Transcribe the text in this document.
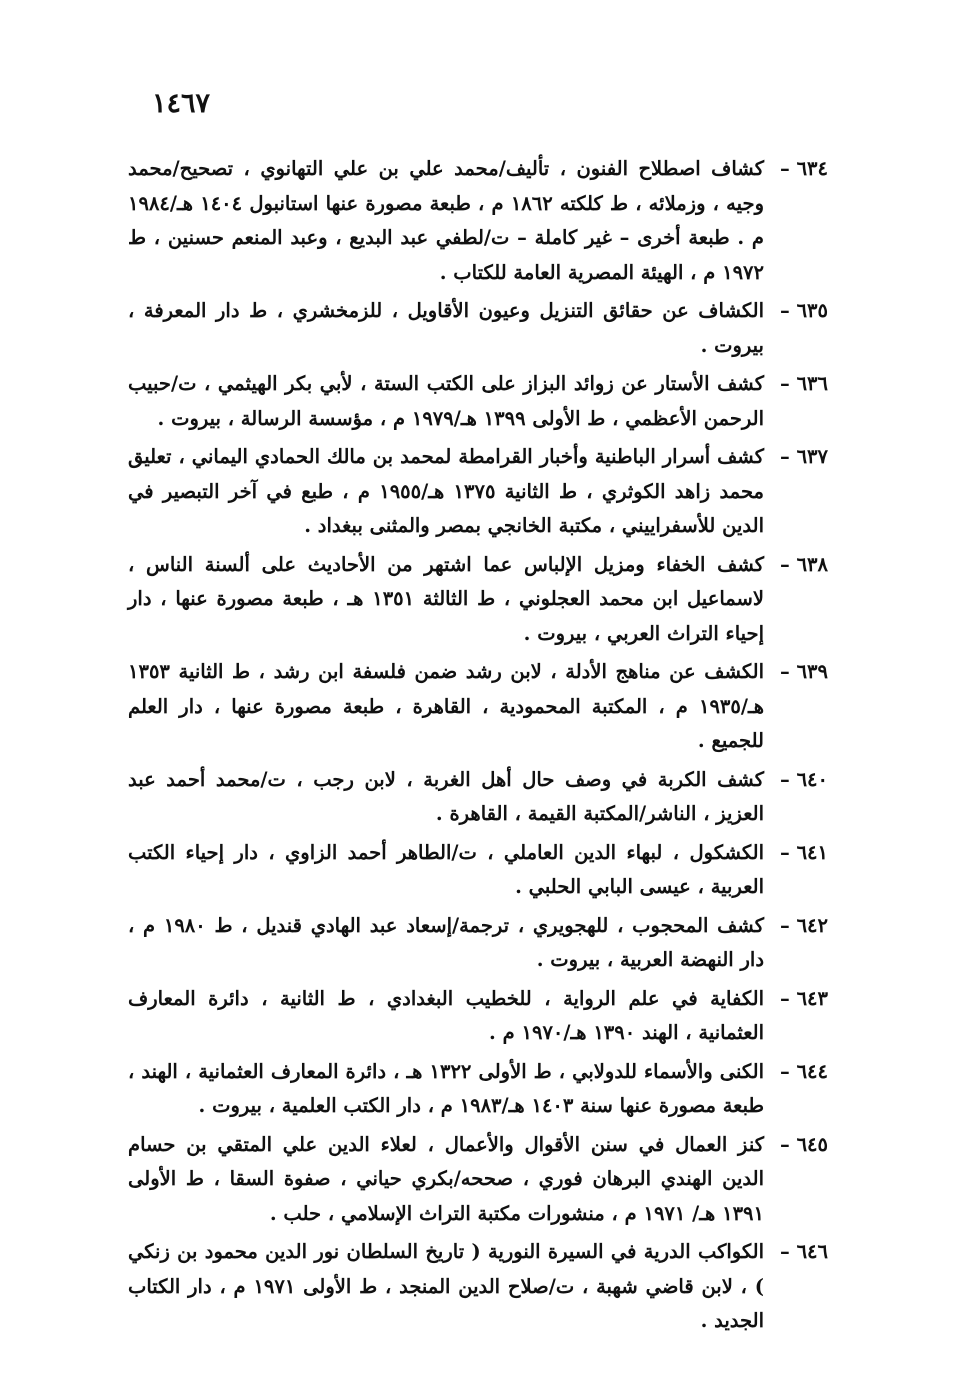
١٤٦٧
٦٣٤ –
كشاف اصطلاح الفنون ، تأليف/محمد علي بن علي التهانوي ، تصحيح/محمد وجيه ، وزملائه ، ط كلكته ١٨٦٢ م ، طبعة مصورة عنها استانبول ١٤٠٤ هـ/١٩٨٤ م . طبعة أخرى – غير كاملة – ت/لطفي عبد البديع ، وعبد المنعم حسنين ، ط ١٩٧٢ م ، الهيئة المصرية العامة للكتاب .
٦٣٥ –
الكشاف عن حقائق التنزيل وعيون الأقاويل ، للزمخشري ، ط دار المعرفة ، بيروت .
٦٣٦ –
كشف الأستار عن زوائد البزاز على الكتب الستة ، لأبي بكر الهيثمي ، ت/حبيب الرحمن الأعظمي ، ط الأولى ١٣٩٩ هـ/١٩٧٩ م ، مؤسسة الرسالة ، بيروت .
٦٣٧ –
كشف أسرار الباطنية وأخبار القرامطة لمحمد بن مالك الحمادي اليماني ، تعليق محمد زاهد الكوثري ، ط الثانية ١٣٧٥ هـ/١٩٥٥ م ، طبع في آخر التبصير في الدين للأسفراييني ، مكتبة الخانجي بمصر والمثنى ببغداد .
٦٣٨ –
كشف الخفاء ومزيل الإلباس عما اشتهر من الأحاديث على ألسنة الناس ، لاسماعيل ابن محمد العجلوني ، ط الثالثة ١٣٥١ هـ ، طبعة مصورة عنها ، دار إحياء التراث العربي ، بيروت .
٦٣٩ –
الكشف عن مناهج الأدلة ، لابن رشد ضمن فلسفة ابن رشد ، ط الثانية ١٣٥٣ هـ/١٩٣٥ م ، المكتبة المحمودية ، القاهرة ، طبعة مصورة عنها ، دار العلم للجميع .
٦٤٠ –
كشف الكربة في وصف حال أهل الغربة ، لابن رجب ، ت/محمد أحمد عبد العزيز ، الناشر/المكتبة القيمة ، القاهرة .
٦٤١ –
الكشكول ، لبهاء الدين العاملي ، ت/الطاهر أحمد الزاوي ، دار إحياء الكتب العربية ، عيسى البابي الحلبي .
٦٤٢ –
كشف المحجوب ، للهجويري ، ترجمة/إسعاد عبد الهادي قنديل ، ط ١٩٨٠ م ، دار النهضة العربية ، بيروت .
٦٤٣ –
الكفاية في علم الرواية ، للخطيب البغدادي ، ط الثانية ، دائرة المعارف العثمانية ، الهند ١٣٩٠ هـ/١٩٧٠ م .
٦٤٤ –
الكنى والأسماء للدولابي ، ط الأولى ١٣٢٢ هـ ، دائرة المعارف العثمانية ، الهند ، طبعة مصورة عنها سنة ١٤٠٣ هـ/١٩٨٣ م ، دار الكتب العلمية ، بيروت .
٦٤٥ –
كنز العمال في سنن الأقوال والأعمال ، لعلاء الدين علي المتقي بن حسام الدين الهندي البرهان فوري ، صححه/بكري حياني ، صفوة السقا ، ط الأولى ١٣٩١ هـ/ ١٩٧١ م ، منشورات مكتبة التراث الإسلامي ، حلب .
٦٤٦ –
الكواكب الدرية في السيرة النورية ( تاريخ السلطان نور الدين محمود بن زنكي ) ، لابن قاضي شهبة ، ت/صلاح الدين المنجد ، ط الأولى ١٩٧١ م ، دار الكتاب الجديد .
